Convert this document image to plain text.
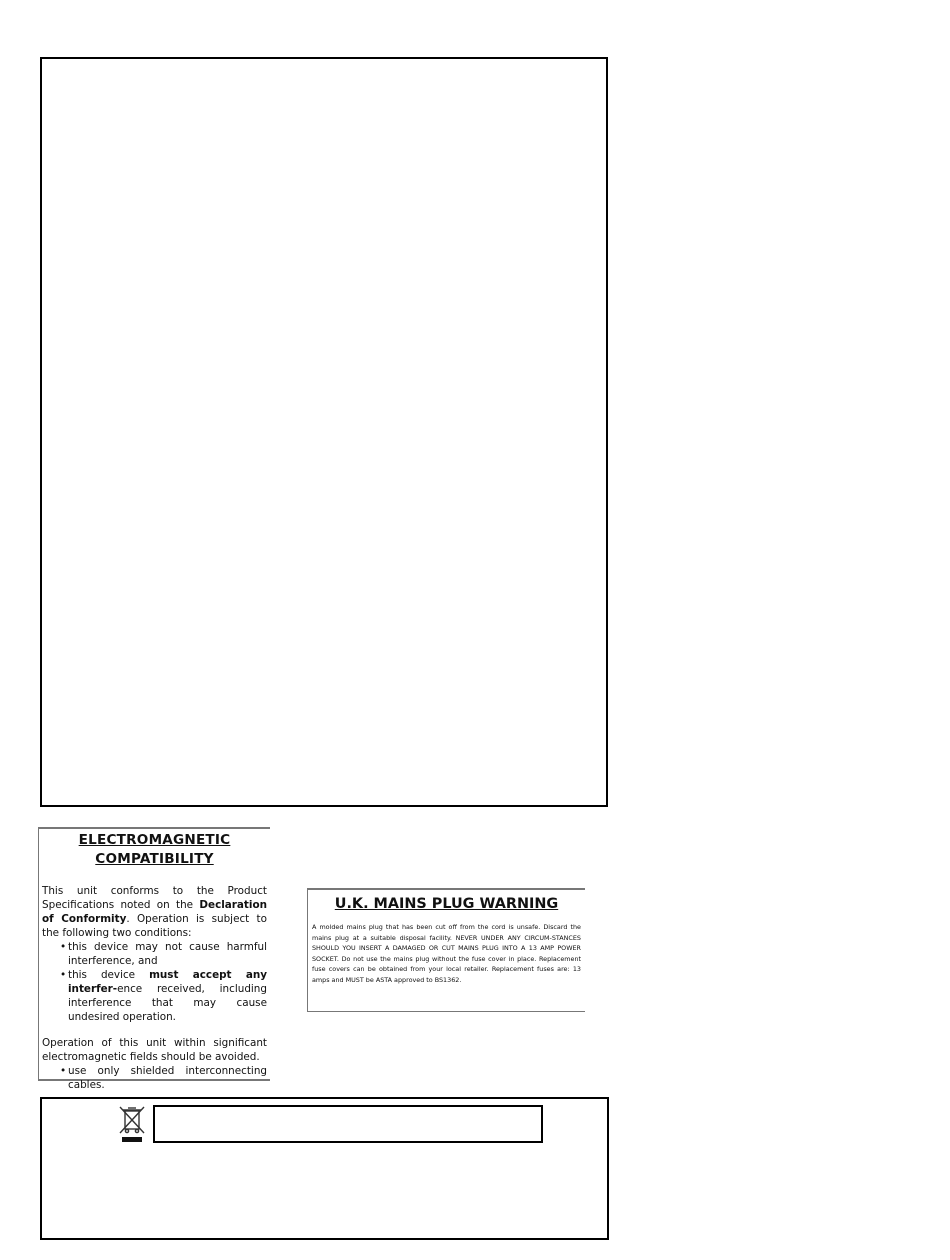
ELECTROMAGNETIC
COMPATIBILITY

This unit conforms to the Product Specifications noted on the Declaration of Conformity. Operation is subject to the following two conditions:

• this device may not cause harmful interference, and
• this device must accept any interfer-ence received, including interference that may cause undesired operation.

Operation of this unit within significant electromagnetic fields should be avoided.

• use only shielded interconnecting cables.
U.K. MAINS PLUG WARNING

A molded mains plug that has been cut off from the cord is unsafe. Discard the mains plug at a suitable disposal facility. NEVER UNDER ANY CIRCUM-STANCES SHOULD YOU INSERT A DAMAGED OR CUT MAINS PLUG INTO A 13 AMP POWER SOCKET. Do not use the mains plug without the fuse cover in place. Replacement fuse covers can be obtained from your local retailer. Replacement fuses are: 13 amps and MUST be ASTA approved to BS1362.
